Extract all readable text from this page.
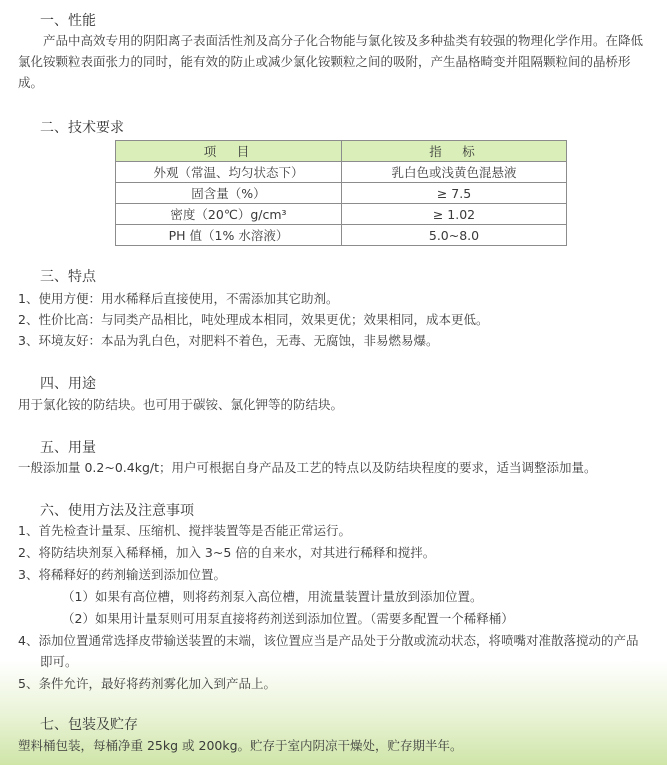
一、性能
产品中高效专用的阴阳离子表面活性剂及高分子化合物能与氯化铵及多种盐类有较强的物理化学作用。在降低氯化铵颗粒表面张力的同时，能有效的防止或减少氯化铵颗粒之间的吸附，产生晶格畸变并阻隔颗粒间的晶桥形成。
二、技术要求
项　目	指　标
外观（常温、均匀状态下）	乳白色或浅黄色混悬液
固含量（%）	≥ 7.5
密度（20℃）g/cm³	≥ 1.02
PH 值（1% 水溶液）	5.0~8.0
三、特点
1、使用方便：用水稀释后直接使用，不需添加其它助剂。
2、性价比高：与同类产品相比，吨处理成本相同，效果更优；效果相同，成本更低。
3、环境友好：本品为乳白色，对肥料不着色，无毒、无腐蚀，非易燃易爆。
四、用途
用于氯化铵的防结块。也可用于碳铵、氯化钾等的防结块。
五、用量
一般添加量 0.2~0.4kg/t；用户可根据自身产品及工艺的特点以及防结块程度的要求，适当调整添加量。
六、使用方法及注意事项
1、首先检查计量泵、压缩机、搅拌装置等是否能正常运行。
2、将防结块剂泵入稀释桶，加入 3~5 倍的自来水，对其进行稀释和搅拌。
3、将稀释好的药剂输送到添加位置。
（1）如果有高位槽，则将药剂泵入高位槽，用流量装置计量放到添加位置。
（2）如果用计量泵则可用泵直接将药剂送到添加位置。（需要多配置一个稀释桶）
4、添加位置通常选择皮带输送装置的末端，该位置应当是产品处于分散或流动状态，将喷嘴对准散落搅动的产品即可。
5、条件允许，最好将药剂雾化加入到产品上。
七、包装及贮存
塑料桶包装，每桶净重 25kg 或 200kg。贮存于室内阴凉干燥处，贮存期半年。
